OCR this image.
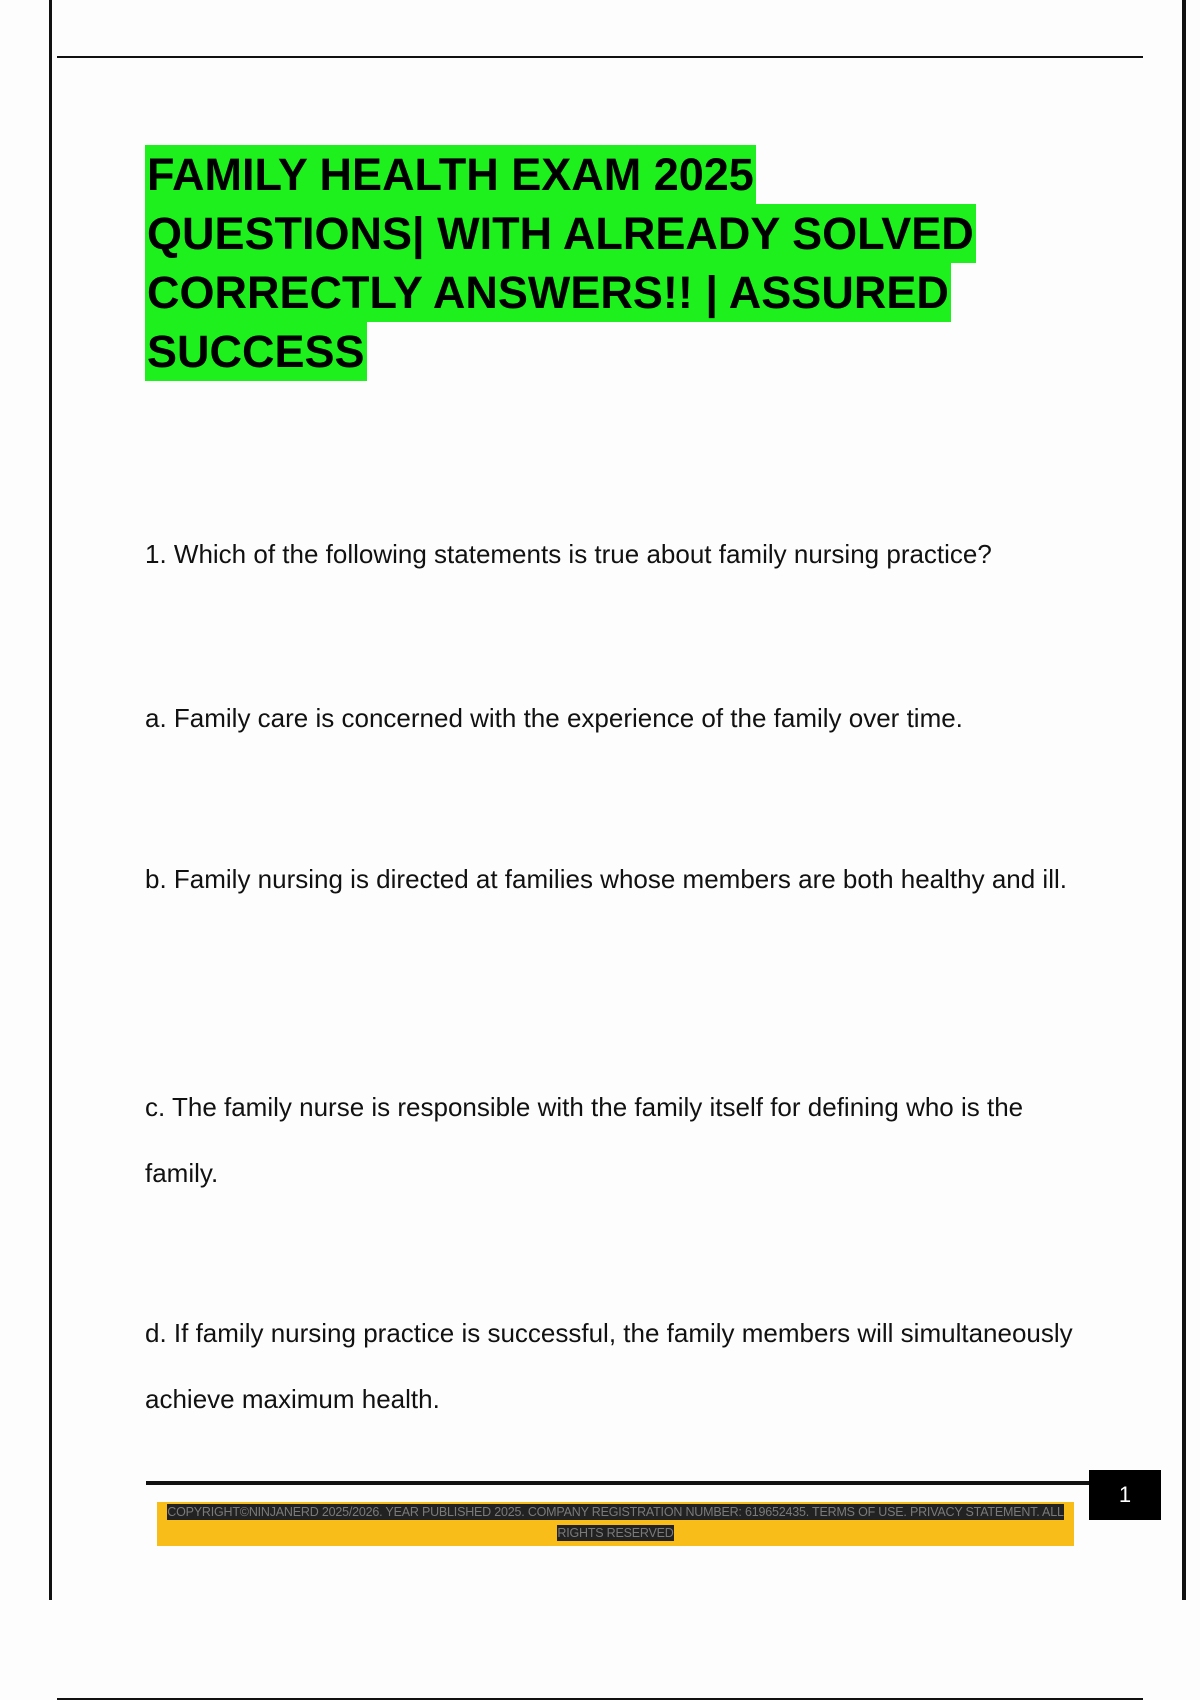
FAMILY HEALTH EXAM 2025
QUESTIONS| WITH ALREADY SOLVED
CORRECTLY ANSWERS!! | ASSURED
SUCCESS

1. Which of the following statements is true about family nursing practice?

a. Family care is concerned with the experience of the family over time.

b. Family nursing is directed at families whose members are both healthy and ill.

c. The family nurse is responsible with the family itself for defining who is the family.

d. If family nursing practice is successful, the family members will simultaneously achieve maximum health.

1
COPYRIGHT©NINJANERD 2025/2026. YEAR PUBLISHED 2025. COMPANY REGISTRATION NUMBER: 619652435. TERMS OF USE. PRIVACY STATEMENT. ALL RIGHTS RESERVED
